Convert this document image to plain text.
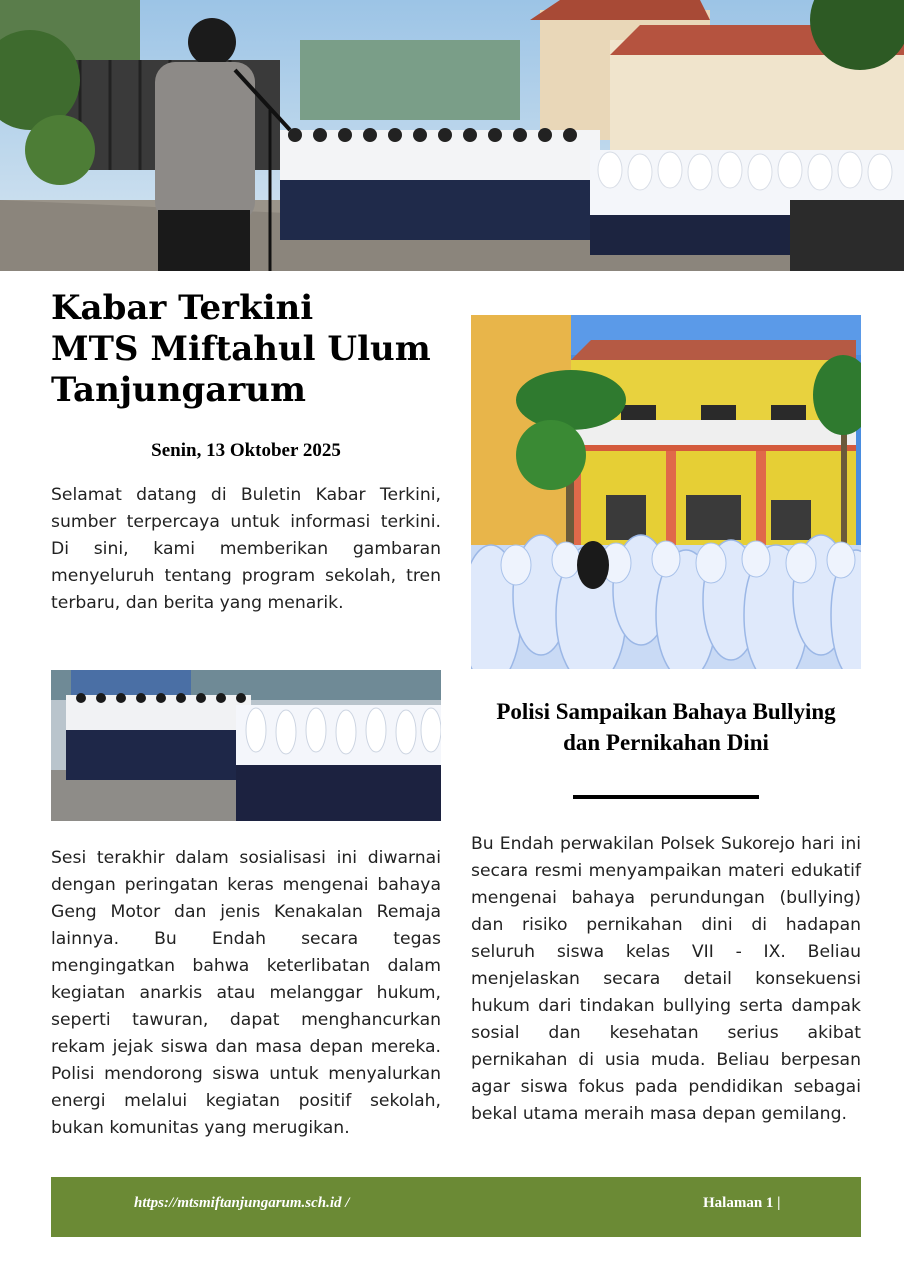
Kabar Terkini
MTS Miftahul Ulum
Tanjungarum
Senin, 13 Oktober 2025

Selamat datang di Buletin Kabar Terkini, sumber terpercaya untuk informasi terkini. Di sini, kami memberikan gambaran menyeluruh tentang program sekolah, tren terbaru, dan berita yang menarik.

Polisi Sampaikan Bahaya Bullying
dan Pernikahan Dini

Sesi terakhir dalam sosialisasi ini diwarnai dengan peringatan keras mengenai bahaya Geng Motor dan jenis Kenakalan Remaja lainnya. Bu Endah secara tegas mengingatkan bahwa keterlibatan dalam kegiatan anarkis atau melanggar hukum, seperti tawuran, dapat menghancurkan rekam jejak siswa dan masa depan mereka. Polisi mendorong siswa untuk menyalurkan energi melalui kegiatan positif sekolah, bukan komunitas yang merugikan.

Bu Endah perwakilan Polsek Sukorejo hari ini secara resmi menyampaikan materi edukatif mengenai bahaya perundungan (bullying) dan risiko pernikahan dini di hadapan seluruh siswa kelas VII - IX. Beliau menjelaskan secara detail konsekuensi hukum dari tindakan bullying serta dampak sosial dan kesehatan serius akibat pernikahan di usia muda. Beliau berpesan agar siswa fokus pada pendidikan sebagai bekal utama meraih masa depan gemilang.

https://mtsmiftanjungarum.sch.id /	Halaman 1 |
